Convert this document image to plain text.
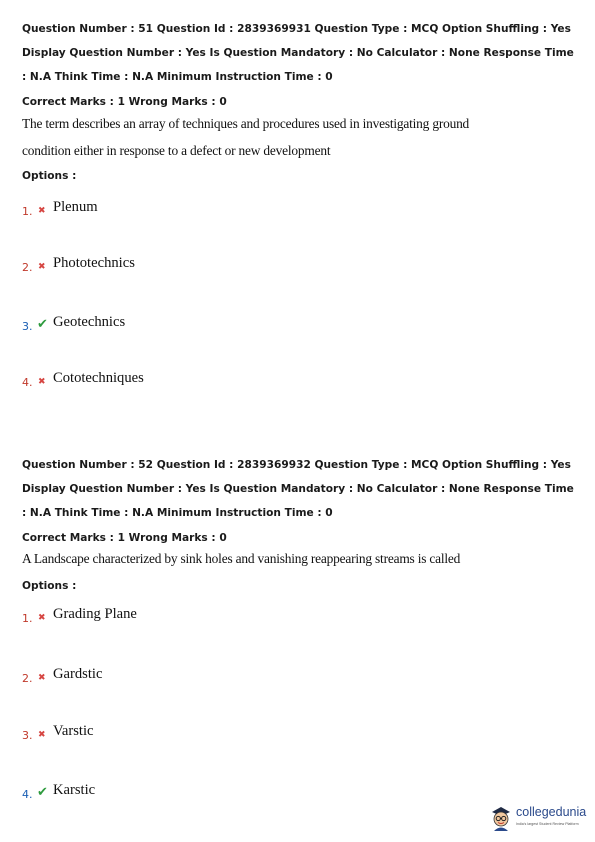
Question Number : 51 Question Id : 2839369931 Question Type : MCQ Option Shuffling : Yes
Display Question Number : Yes Is Question Mandatory : No Calculator : None Response Time
: N.A Think Time : N.A Minimum Instruction Time : 0
Correct Marks : 1 Wrong Marks : 0
The term describes an array of techniques and procedures used in investigating ground
condition either in response to a defect or new development
Options :
1. ✖ Plenum
2. ✖ Phototechnics
3. ✔ Geotechnics
4. ✖ Cototechniques
Question Number : 52 Question Id : 2839369932 Question Type : MCQ Option Shuffling : Yes
Display Question Number : Yes Is Question Mandatory : No Calculator : None Response Time
: N.A Think Time : N.A Minimum Instruction Time : 0
Correct Marks : 1 Wrong Marks : 0
A Landscape characterized by sink holes and vanishing reappearing streams is called
Options :
1. ✖ Grading Plane
2. ✖ Gardstic
3. ✖ Varstic
4. ✔ Karstic
collegedunia
India's largest Student Review Platform
